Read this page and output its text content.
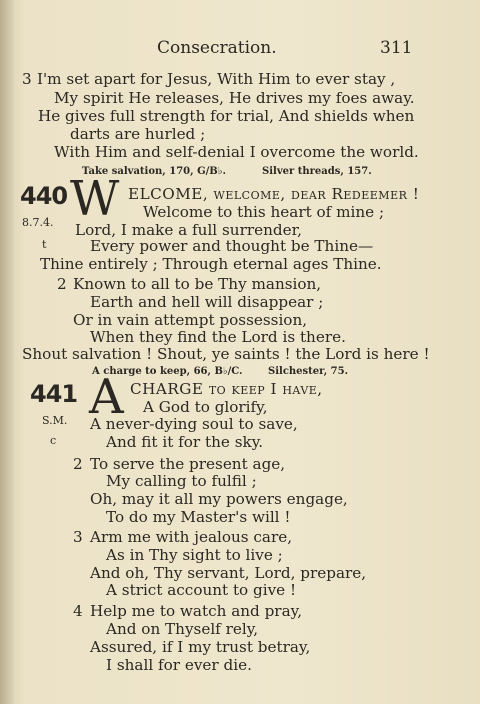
Consecration.	311
3 I'm set apart for Jesus, With Him to ever stay ,
My spirit He releases, He drives my foes away.
He gives full strength for trial, And shields when
darts are hurled ;
With Him and self-denial I overcome the world.
Take salvation, 170, G/B♭.	Silver threads, 157.
440 W ELCOME, welcome, dear Redeemer !
Welcome to this heart of mine ;
8.7.4. Lord, I make a full surrender,
t	Every power and thought be Thine—
Thine entirely ; Through eternal ages Thine.
2 Known to all to be Thy mansion,
Earth and hell will disappear ;
Or in vain attempt possession,
When they find the Lord is there.
Shout salvation ! Shout, ye saints ! the Lord is here !
A charge to keep, 66, B♭/C.	Silchester, 75.
441 A CHARGE to keep I have,
A God to glorify,
S.M. A never-dying soul to save,
c	And fit it for the sky.
2 To serve the present age,
My calling to fulfil ;
Oh, may it all my powers engage,
To do my Master's will !
3 Arm me with jealous care,
As in Thy sight to live ;
And oh, Thy servant, Lord, prepare,
A strict account to give !
4 Help me to watch and pray,
And on Thyself rely,
Assured, if I my trust betray,
I shall for ever die.
